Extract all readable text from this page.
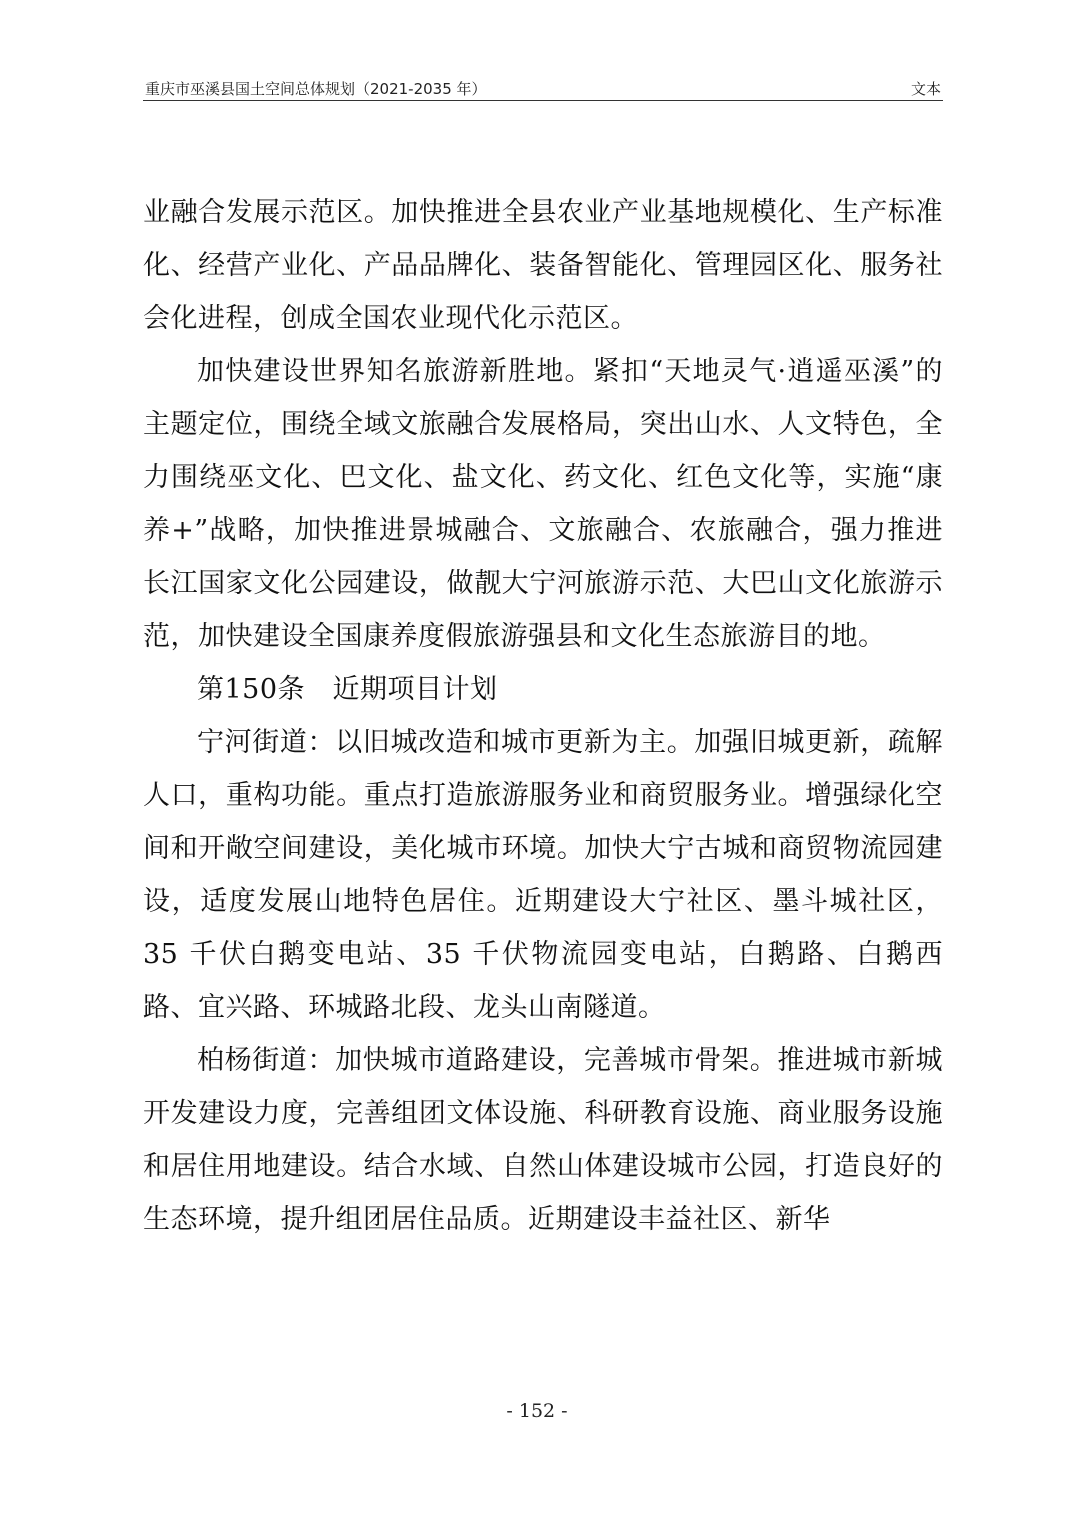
重庆市巫溪县国土空间总体规划（2021-2035 年）	文本

业融合发展示范区。加快推进全县农业产业基地规模化、生产标准化、经营产业化、产品品牌化、装备智能化、管理园区化、服务社会化进程，创成全国农业现代化示范区。

加快建设世界知名旅游新胜地。紧扣“天地灵气·逍遥巫溪”的主题定位，围绕全域文旅融合发展格局，突出山水、人文特色，全力围绕巫文化、巴文化、盐文化、药文化、红色文化等，实施“康养+”战略，加快推进景城融合、文旅融合、农旅融合，强力推进长江国家文化公园建设，做靓大宁河旅游示范、大巴山文化旅游示范，加快建设全国康养度假旅游强县和文化生态旅游目的地。

第150条　近期项目计划

宁河街道：以旧城改造和城市更新为主。加强旧城更新，疏解人口，重构功能。重点打造旅游服务业和商贸服务业。增强绿化空间和开敞空间建设，美化城市环境。加快大宁古城和商贸物流园建设，适度发展山地特色居住。近期建设大宁社区、墨斗城社区，35 千伏白鹅变电站、35 千伏物流园变电站，白鹅路、白鹅西路、宜兴路、环城路北段、龙头山南隧道。

柏杨街道：加快城市道路建设，完善城市骨架。推进城市新城开发建设力度，完善组团文体设施、科研教育设施、商业服务设施和居住用地建设。结合水域、自然山体建设城市公园，打造良好的生态环境，提升组团居住品质。近期建设丰益社区、新华

- 152 -
